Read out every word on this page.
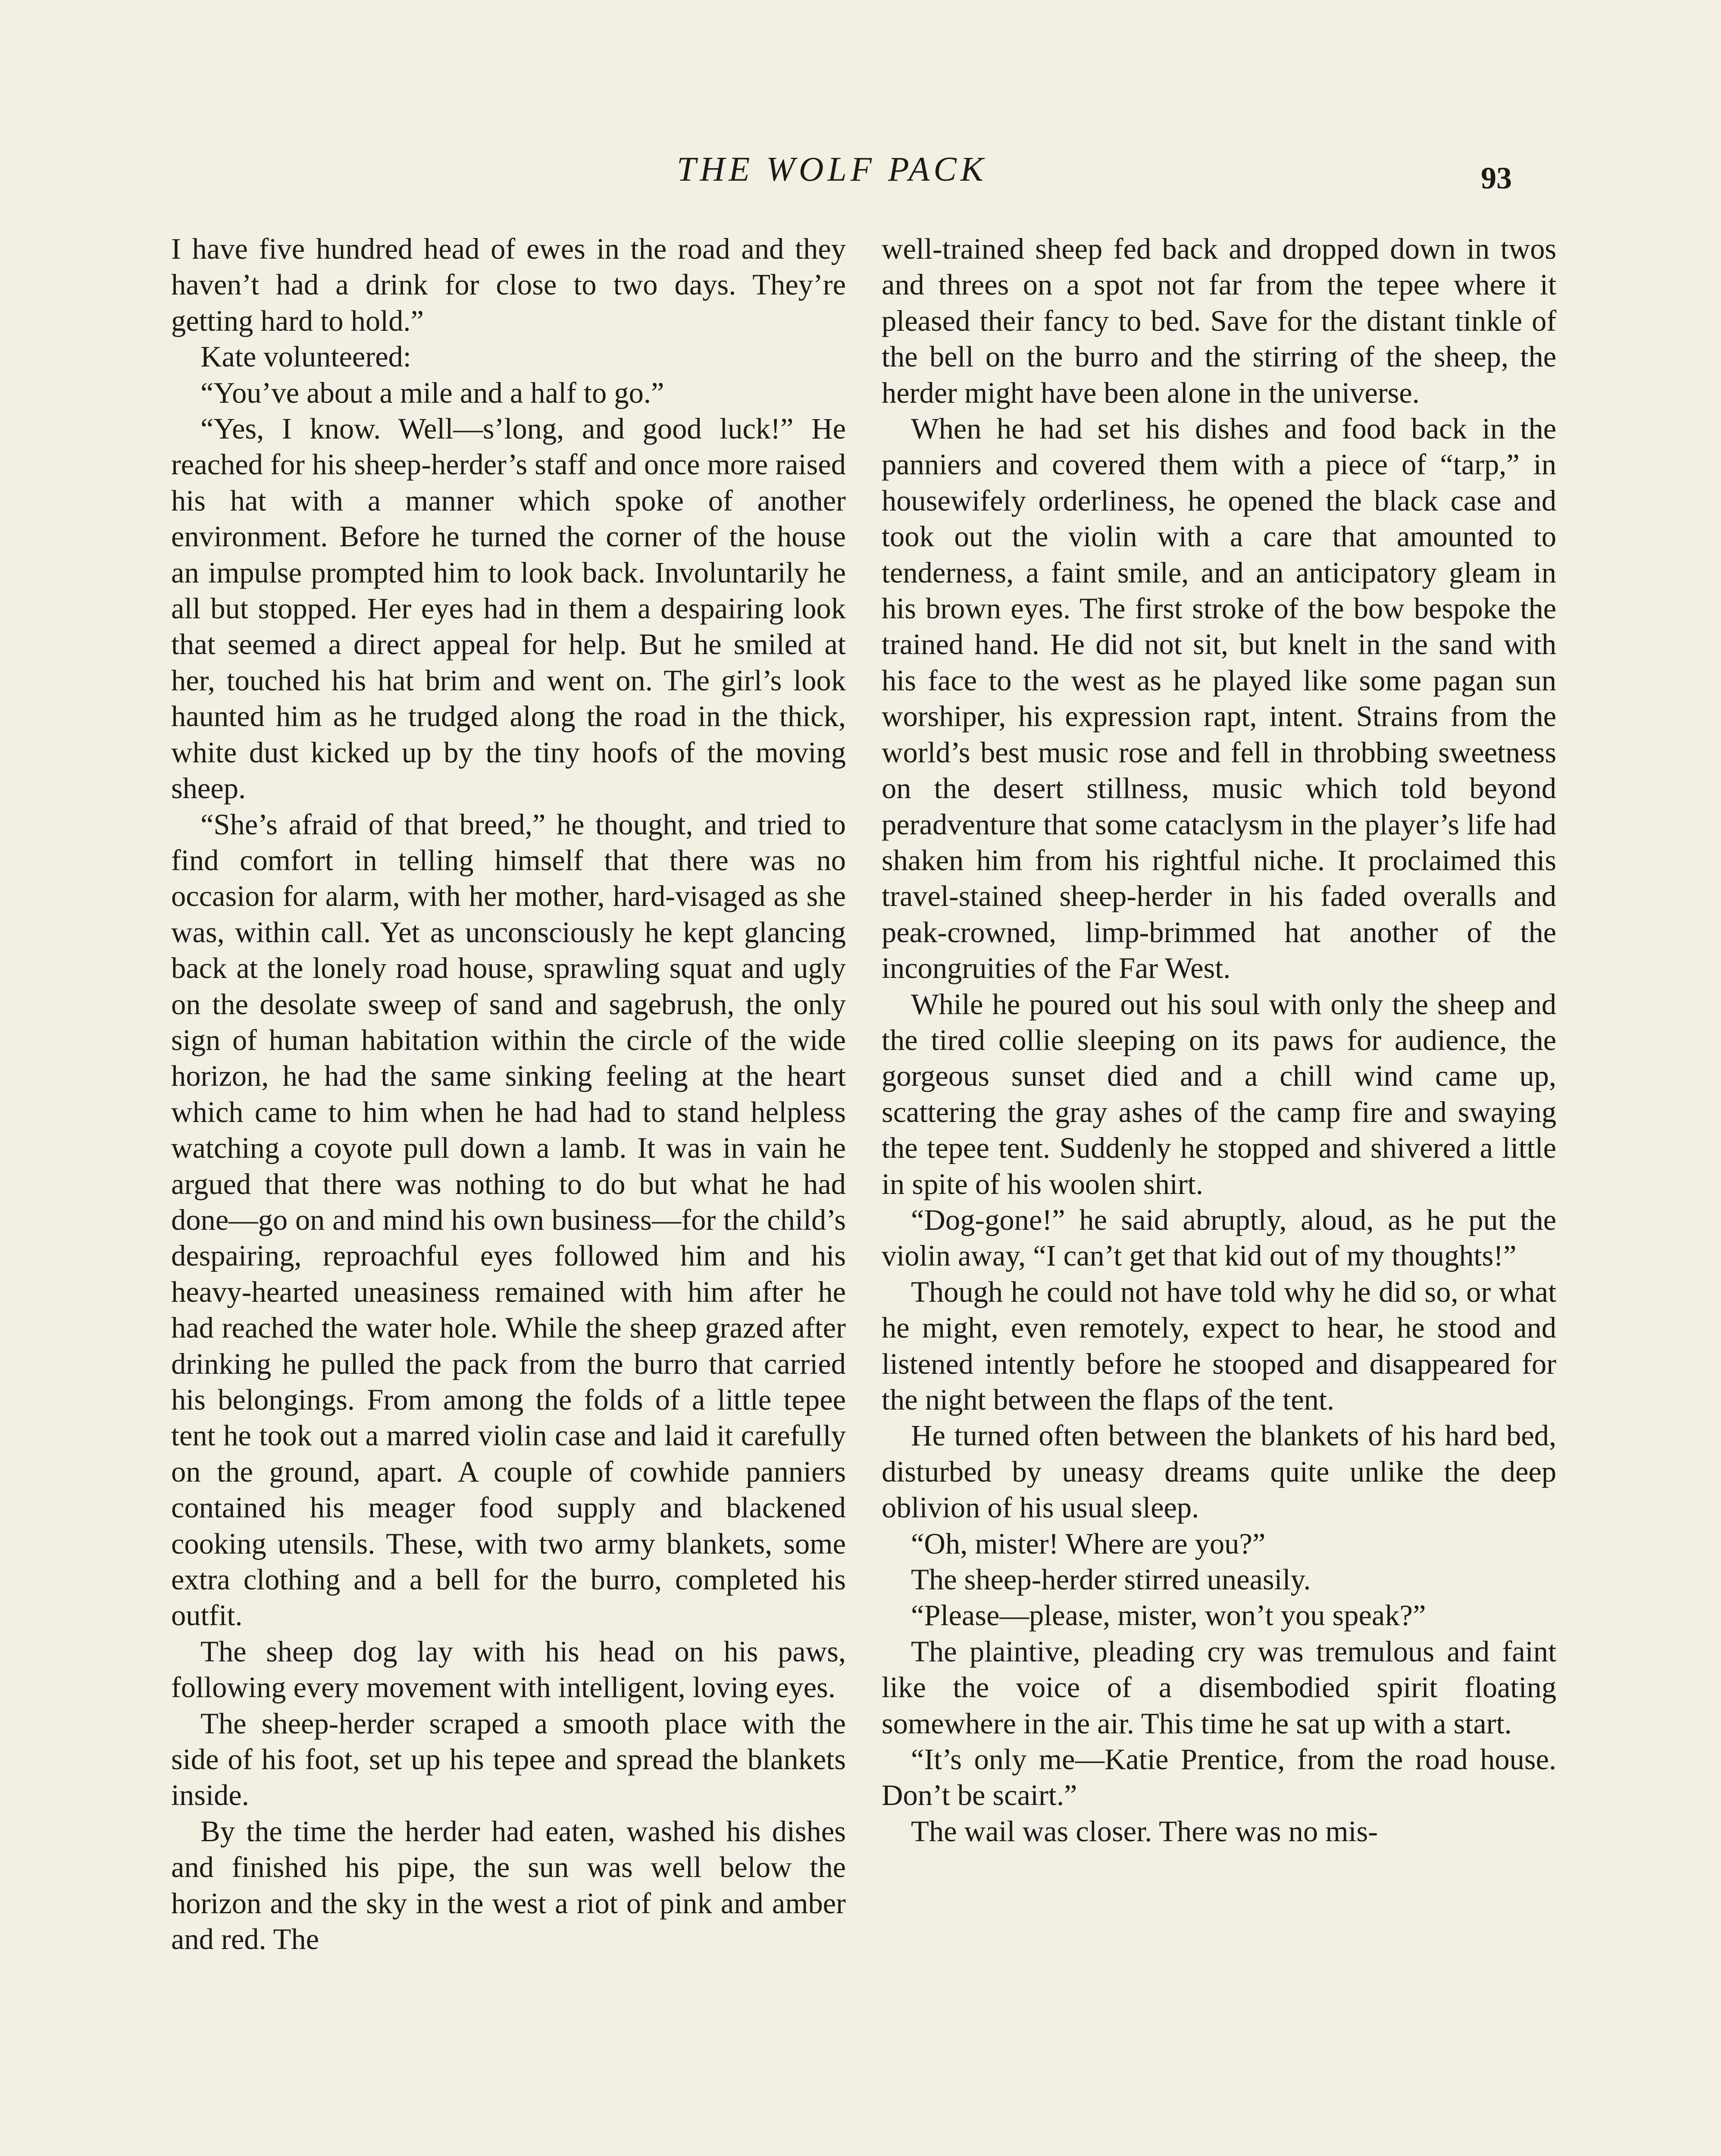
THE WOLF PACK	93

I have five hundred head of ewes in the road and they haven’t had a drink for close to two days. They’re getting hard to hold.”

Kate volunteered:

“You’ve about a mile and a half to go.”

“Yes, I know. Well—s’long, and good luck!” He reached for his sheep-herder’s staff and once more raised his hat with a manner which spoke of another environment. Before he turned the corner of the house an impulse prompted him to look back. Involuntarily he all but stopped. Her eyes had in them a despairing look that seemed a direct appeal for help. But he smiled at her, touched his hat brim and went on. The girl’s look haunted him as he trudged along the road in the thick, white dust kicked up by the tiny hoofs of the moving sheep.

“She’s afraid of that breed,” he thought, and tried to find comfort in telling himself that there was no occasion for alarm, with her mother, hard-visaged as she was, within call. Yet as unconsciously he kept glancing back at the lonely road house, sprawling squat and ugly on the desolate sweep of sand and sagebrush, the only sign of human habitation within the circle of the wide horizon, he had the same sinking feeling at the heart which came to him when he had had to stand helpless watching a coyote pull down a lamb. It was in vain he argued that there was nothing to do but what he had done—go on and mind his own business—for the child’s despairing, reproachful eyes followed him and his heavy-hearted uneasiness remained with him after he had reached the water hole. While the sheep grazed after drinking he pulled the pack from the burro that carried his belongings. From among the folds of a little tepee tent he took out a marred violin case and laid it carefully on the ground, apart. A couple of cowhide panniers contained his meager food supply and blackened cooking utensils. These, with two army blankets, some extra clothing and a bell for the burro, completed his outfit.

The sheep dog lay with his head on his paws, following every movement with intelligent, loving eyes.

The sheep-herder scraped a smooth place with the side of his foot, set up his tepee and spread the blankets inside.

By the time the herder had eaten, washed his dishes and finished his pipe, the sun was well below the horizon and the sky in the west a riot of pink and amber and red. The

well-trained sheep fed back and dropped down in twos and threes on a spot not far from the tepee where it pleased their fancy to bed. Save for the distant tinkle of the bell on the burro and the stirring of the sheep, the herder might have been alone in the universe.

When he had set his dishes and food back in the panniers and covered them with a piece of “tarp,” in housewifely orderliness, he opened the black case and took out the violin with a care that amounted to tenderness, a faint smile, and an anticipatory gleam in his brown eyes. The first stroke of the bow bespoke the trained hand. He did not sit, but knelt in the sand with his face to the west as he played like some pagan sun worshiper, his expression rapt, intent. Strains from the world’s best music rose and fell in throbbing sweetness on the desert stillness, music which told beyond peradventure that some cataclysm in the player’s life had shaken him from his rightful niche. It proclaimed this travel-stained sheep-herder in his faded overalls and peak-crowned, limp-brimmed hat another of the incongruities of the Far West.

While he poured out his soul with only the sheep and the tired collie sleeping on its paws for audience, the gorgeous sunset died and a chill wind came up, scattering the gray ashes of the camp fire and swaying the tepee tent. Suddenly he stopped and shivered a little in spite of his woolen shirt.

“Dog-gone!” he said abruptly, aloud, as he put the violin away, “I can’t get that kid out of my thoughts!”

Though he could not have told why he did so, or what he might, even remotely, expect to hear, he stood and listened intently before he stooped and disappeared for the night between the flaps of the tent.

He turned often between the blankets of his hard bed, disturbed by uneasy dreams quite unlike the deep oblivion of his usual sleep.

“Oh, mister! Where are you?”

The sheep-herder stirred uneasily.

“Please—please, mister, won’t you speak?”

The plaintive, pleading cry was tremulous and faint like the voice of a disembodied spirit floating somewhere in the air. This time he sat up with a start.

“It’s only me—Katie Prentice, from the road house. Don’t be scairt.”

The wail was closer. There was no mis-
